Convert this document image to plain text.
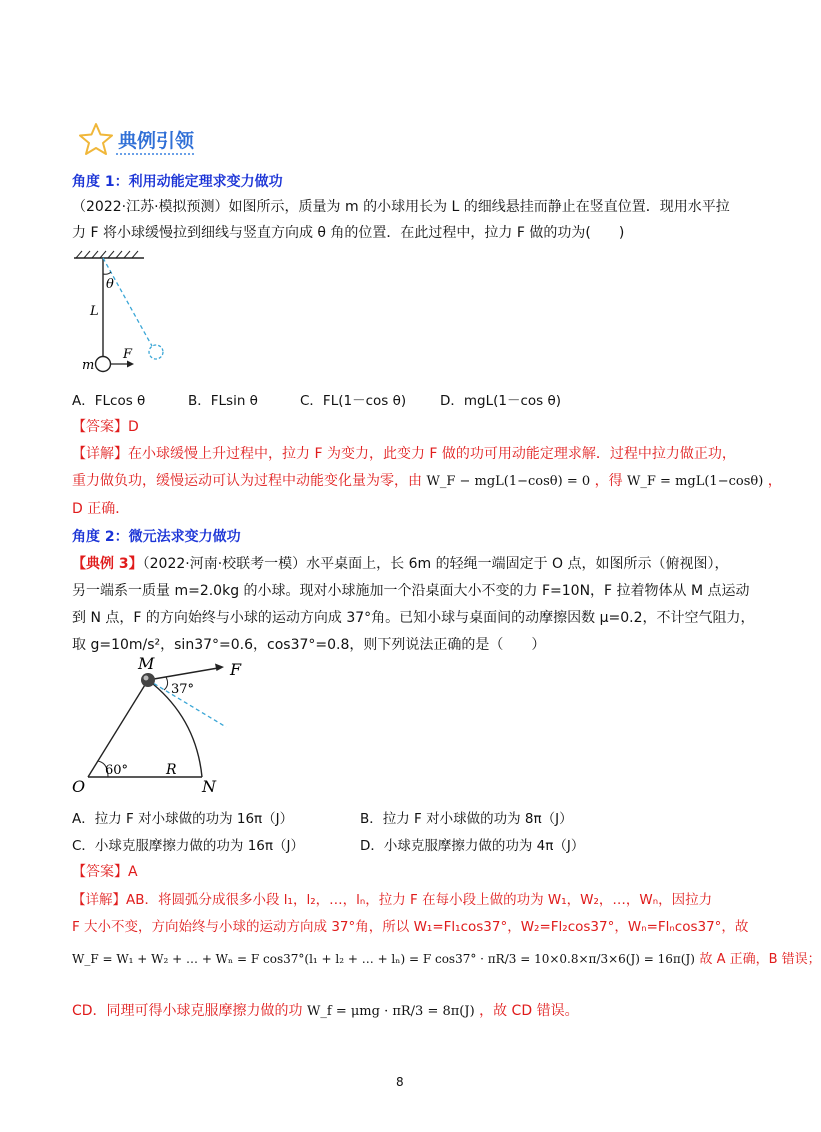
典例引领
角度 1：利用动能定理求变力做功
（2022·江苏·模拟预测）如图所示，质量为 m 的小球用长为 L 的细线悬挂而静止在竖直位置．现用水平拉
力 F 将小球缓慢拉到细线与竖直方向成 θ 角的位置．在此过程中，拉力 F 做的功为(　　)
θ
L
m
F
A．FLcos θ	B．FLsin θ	C．FL(1－cos θ)	D．mgL(1－cos θ)
【答案】D
【详解】在小球缓慢上升过程中，拉力 F 为变力，此变力 F 做的功可用动能定理求解．过程中拉力做正功，
重力做负功，缓慢运动可认为过程中动能变化量为零，由 W_F − mgL(1−cosθ) = 0 ，得 W_F = mgL(1−cosθ) ，
D 正确．
角度 2：微元法求变力做功
【典例 3】（2022·河南·校联考一模）水平桌面上，长 6m 的轻绳一端固定于 O 点，如图所示（俯视图），
另一端系一质量 m=2.0kg 的小球。现对小球施加一个沿桌面大小不变的力 F=10N，F 拉着物体从 M 点运动
到 N 点，F 的方向始终与小球的运动方向成 37°角。已知小球与桌面间的动摩擦因数 μ=0.2，不计空气阻力，
取 g=10m/s²，sin37°=0.6，cos37°=0.8，则下列说法正确的是（　　）
M	F
37°
60°	R
O	N
A．拉力 F 对小球做的功为 16π（J）	B．拉力 F 对小球做的功为 8π（J）
C．小球克服摩擦力做的功为 16π（J）	D．小球克服摩擦力做的功为 4π（J）
【答案】A
【详解】AB．将圆弧分成很多小段 l₁，l₂，…，lₙ，拉力 F 在每小段上做的功为 W₁，W₂，…，Wₙ，因拉力
F 大小不变，方向始终与小球的运动方向成 37°角，所以 W₁=Fl₁cos37°，W₂=Fl₂cos37°，Wₙ=Flₙcos37°，故
W_F = W₁ + W₂ + … + Wₙ = F cos37°(l₁ + l₂ + … + lₙ) = F cos37° · πR/3 = 10×0.8×π/3×6(J) = 16π(J) 故 A 正确，B 错误；
CD．同理可得小球克服摩擦力做的功 W_f = μmg · πR/3 = 8π(J) ，故 CD 错误。
8
